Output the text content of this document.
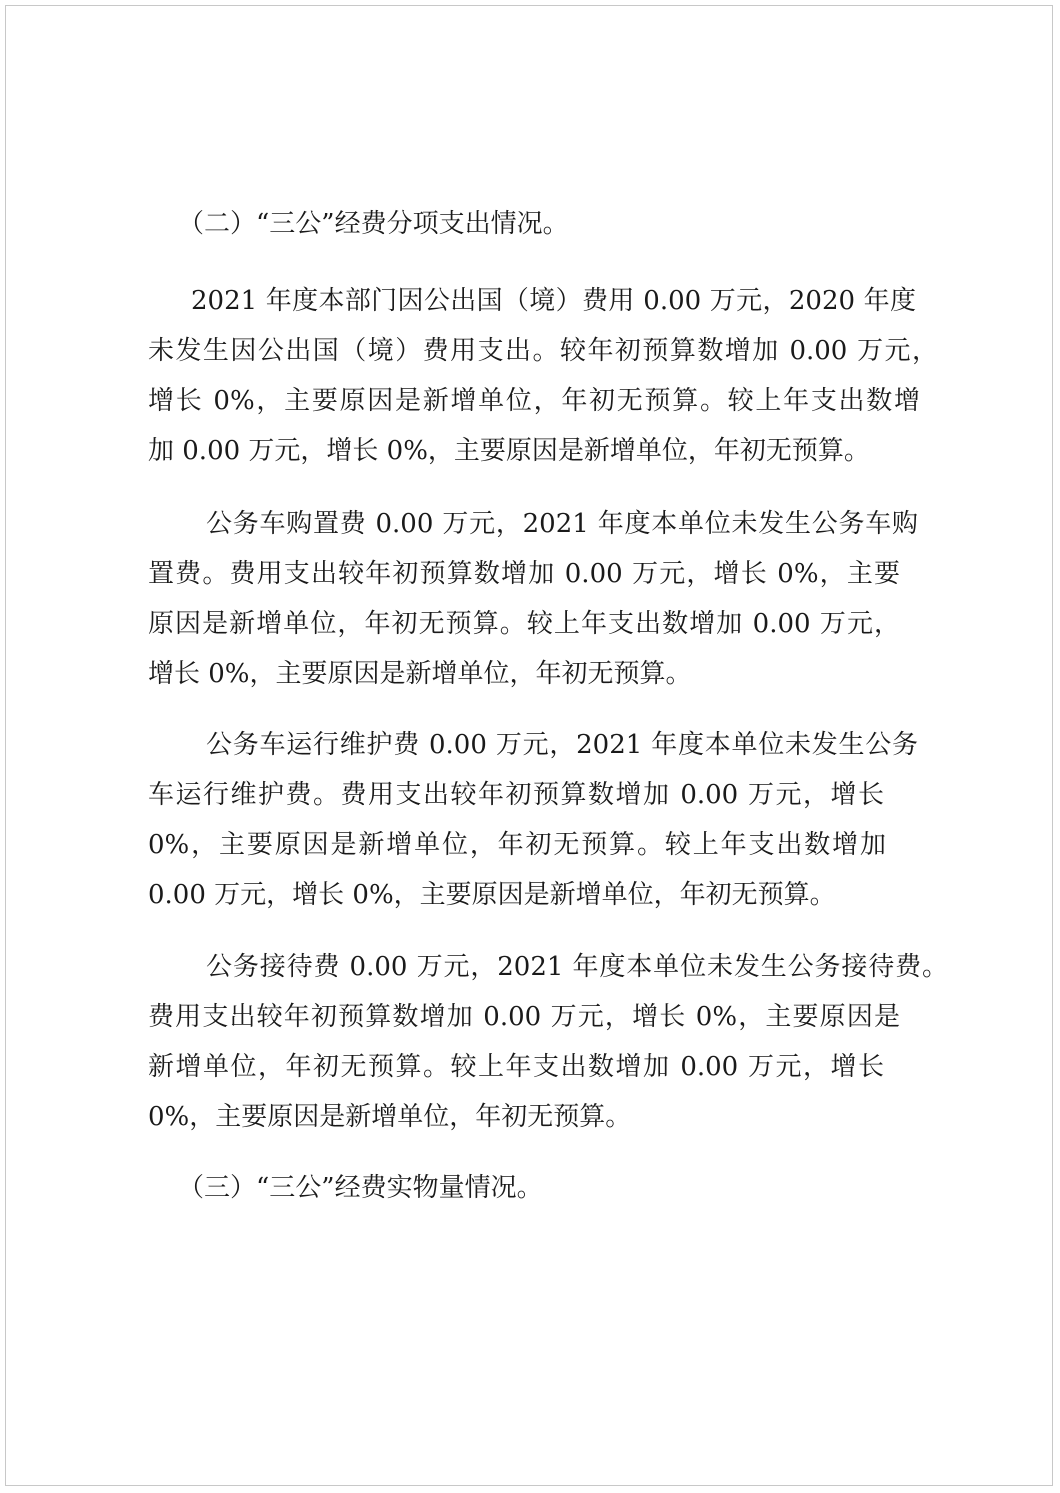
（二）“三公”经费分项支出情况。

2021 年度本部门因公出国（境）费用 0.00 万元，2020 年度

未发生因公出国（境）费用支出。较年初预算数增加 0.00 万元，

增长 0%，主要原因是新增单位，年初无预算。较上年支出数增

加 0.00 万元，增长 0%，主要原因是新增单位，年初无预算。

公务车购置费 0.00 万元，2021 年度本单位未发生公务车购

置费。费用支出较年初预算数增加 0.00 万元，增长 0%，主要

原因是新增单位，年初无预算。较上年支出数增加 0.00 万元，

增长 0%，主要原因是新增单位，年初无预算。

公务车运行维护费 0.00 万元，2021 年度本单位未发生公务

车运行维护费。费用支出较年初预算数增加 0.00 万元，增长

0%，主要原因是新增单位，年初无预算。较上年支出数增加

0.00 万元，增长 0%，主要原因是新增单位，年初无预算。

公务接待费 0.00 万元，2021 年度本单位未发生公务接待费。

费用支出较年初预算数增加 0.00 万元，增长 0%，主要原因是

新增单位，年初无预算。较上年支出数增加 0.00 万元，增长

0%，主要原因是新增单位，年初无预算。

（三）“三公”经费实物量情况。
